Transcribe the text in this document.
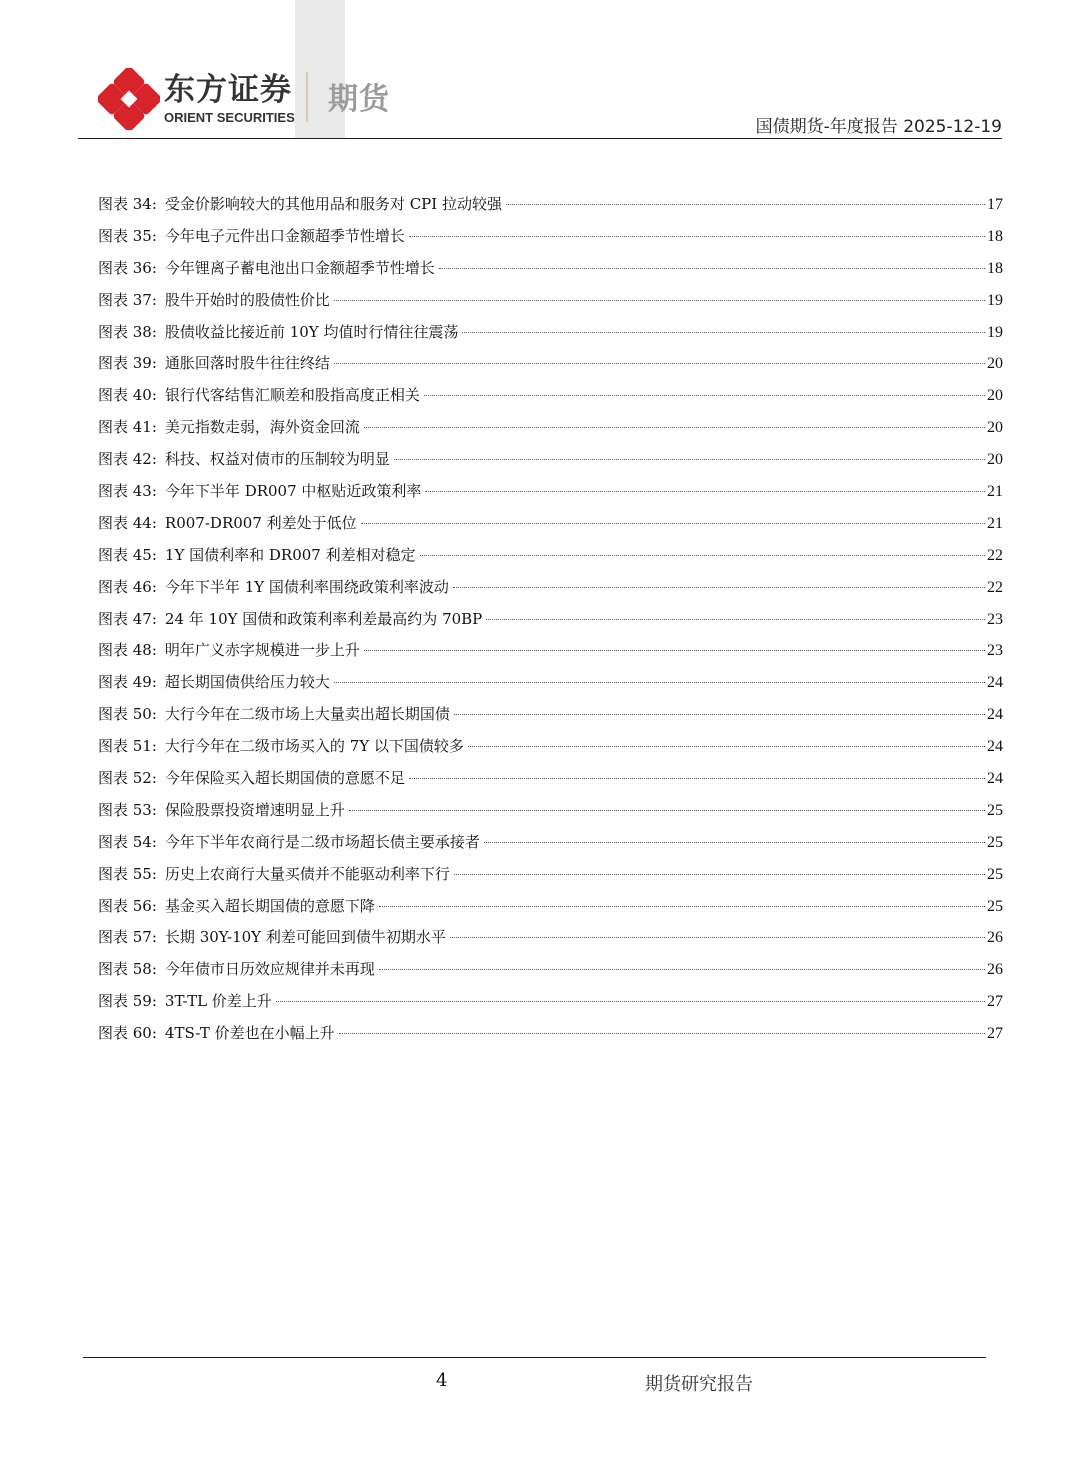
东方证券
ORIENT SECURITIES
期货
国债期货-年度报告 2025-12-19
图表 34: 受金价影响较大的其他用品和服务对 CPI 拉动较强	17
图表 35: 今年电子元件出口金额超季节性增长	18
图表 36: 今年锂离子蓄电池出口金额超季节性增长	18
图表 37: 股牛开始时的股债性价比	19
图表 38: 股债收益比接近前 10Y 均值时行情往往震荡	19
图表 39: 通胀回落时股牛往往终结	20
图表 40: 银行代客结售汇顺差和股指高度正相关	20
图表 41: 美元指数走弱，海外资金回流	20
图表 42: 科技、权益对债市的压制较为明显	20
图表 43: 今年下半年 DR007 中枢贴近政策利率	21
图表 44: R007-DR007 利差处于低位	21
图表 45: 1Y 国债利率和 DR007 利差相对稳定	22
图表 46: 今年下半年 1Y 国债利率围绕政策利率波动	22
图表 47: 24 年 10Y 国债和政策利率利差最高约为 70BP	23
图表 48: 明年广义赤字规模进一步上升	23
图表 49: 超长期国债供给压力较大	24
图表 50: 大行今年在二级市场上大量卖出超长期国债	24
图表 51: 大行今年在二级市场买入的 7Y 以下国债较多	24
图表 52: 今年保险买入超长期国债的意愿不足	24
图表 53: 保险股票投资增速明显上升	25
图表 54: 今年下半年农商行是二级市场超长债主要承接者	25
图表 55: 历史上农商行大量买债并不能驱动利率下行	25
图表 56: 基金买入超长期国债的意愿下降	25
图表 57: 长期 30Y-10Y 利差可能回到债牛初期水平	26
图表 58: 今年债市日历效应规律并未再现	26
图表 59: 3T-TL 价差上升	27
图表 60: 4TS-T 价差也在小幅上升	27
4	期货研究报告
